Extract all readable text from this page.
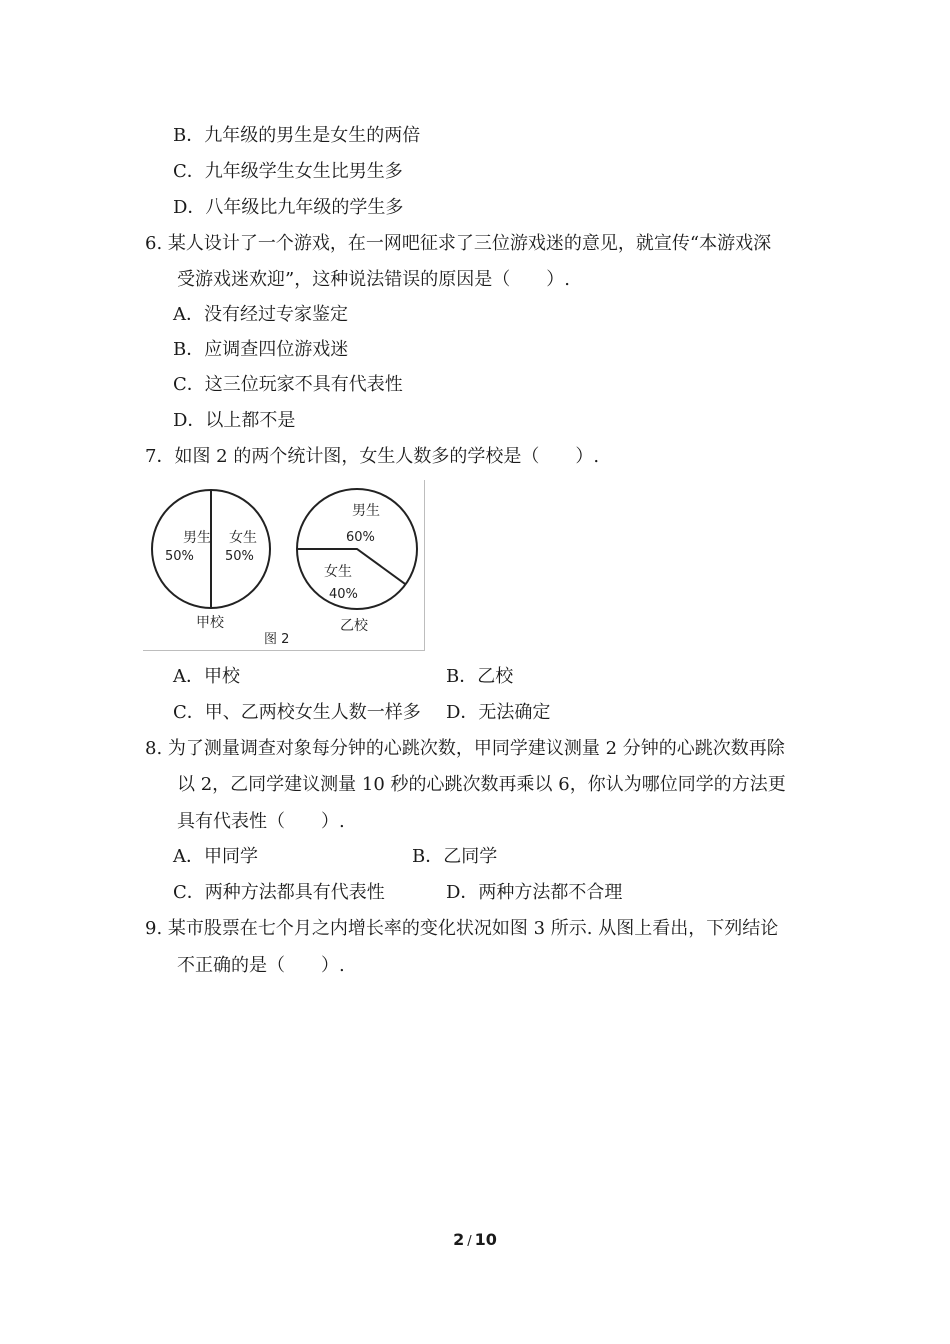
B．九年级的男生是女生的两倍
C．九年级学生女生比男生多
D．八年级比九年级的学生多
6. 某人设计了一个游戏，在一网吧征求了三位游戏迷的意见，就宣传“本游戏深
受游戏迷欢迎”，这种说法错误的原因是（　　）.
A．没有经过专家鉴定
B．应调查四位游戏迷
C．这三位玩家不具有代表性
D．以上都不是
7．如图 2 的两个统计图，女生人数多的学校是（　　）.
男生
50%
女生
50%
甲校
男生
60%
女生
40%
乙校
图 2
A．甲校	B．乙校
C．甲、乙两校女生人数一样多 D．无法确定
8. 为了测量调查对象每分钟的心跳次数，甲同学建议测量 2 分钟的心跳次数再除
以 2，乙同学建议测量 10 秒的心跳次数再乘以 6，你认为哪位同学的方法更
具有代表性（　　）.
A．甲同学	B．乙同学
C．两种方法都具有代表性	D．两种方法都不合理
9. 某市股票在七个月之内增长率的变化状况如图 3 所示. 从图上看出，下列结论
不正确的是（　　）.
2 / 10
